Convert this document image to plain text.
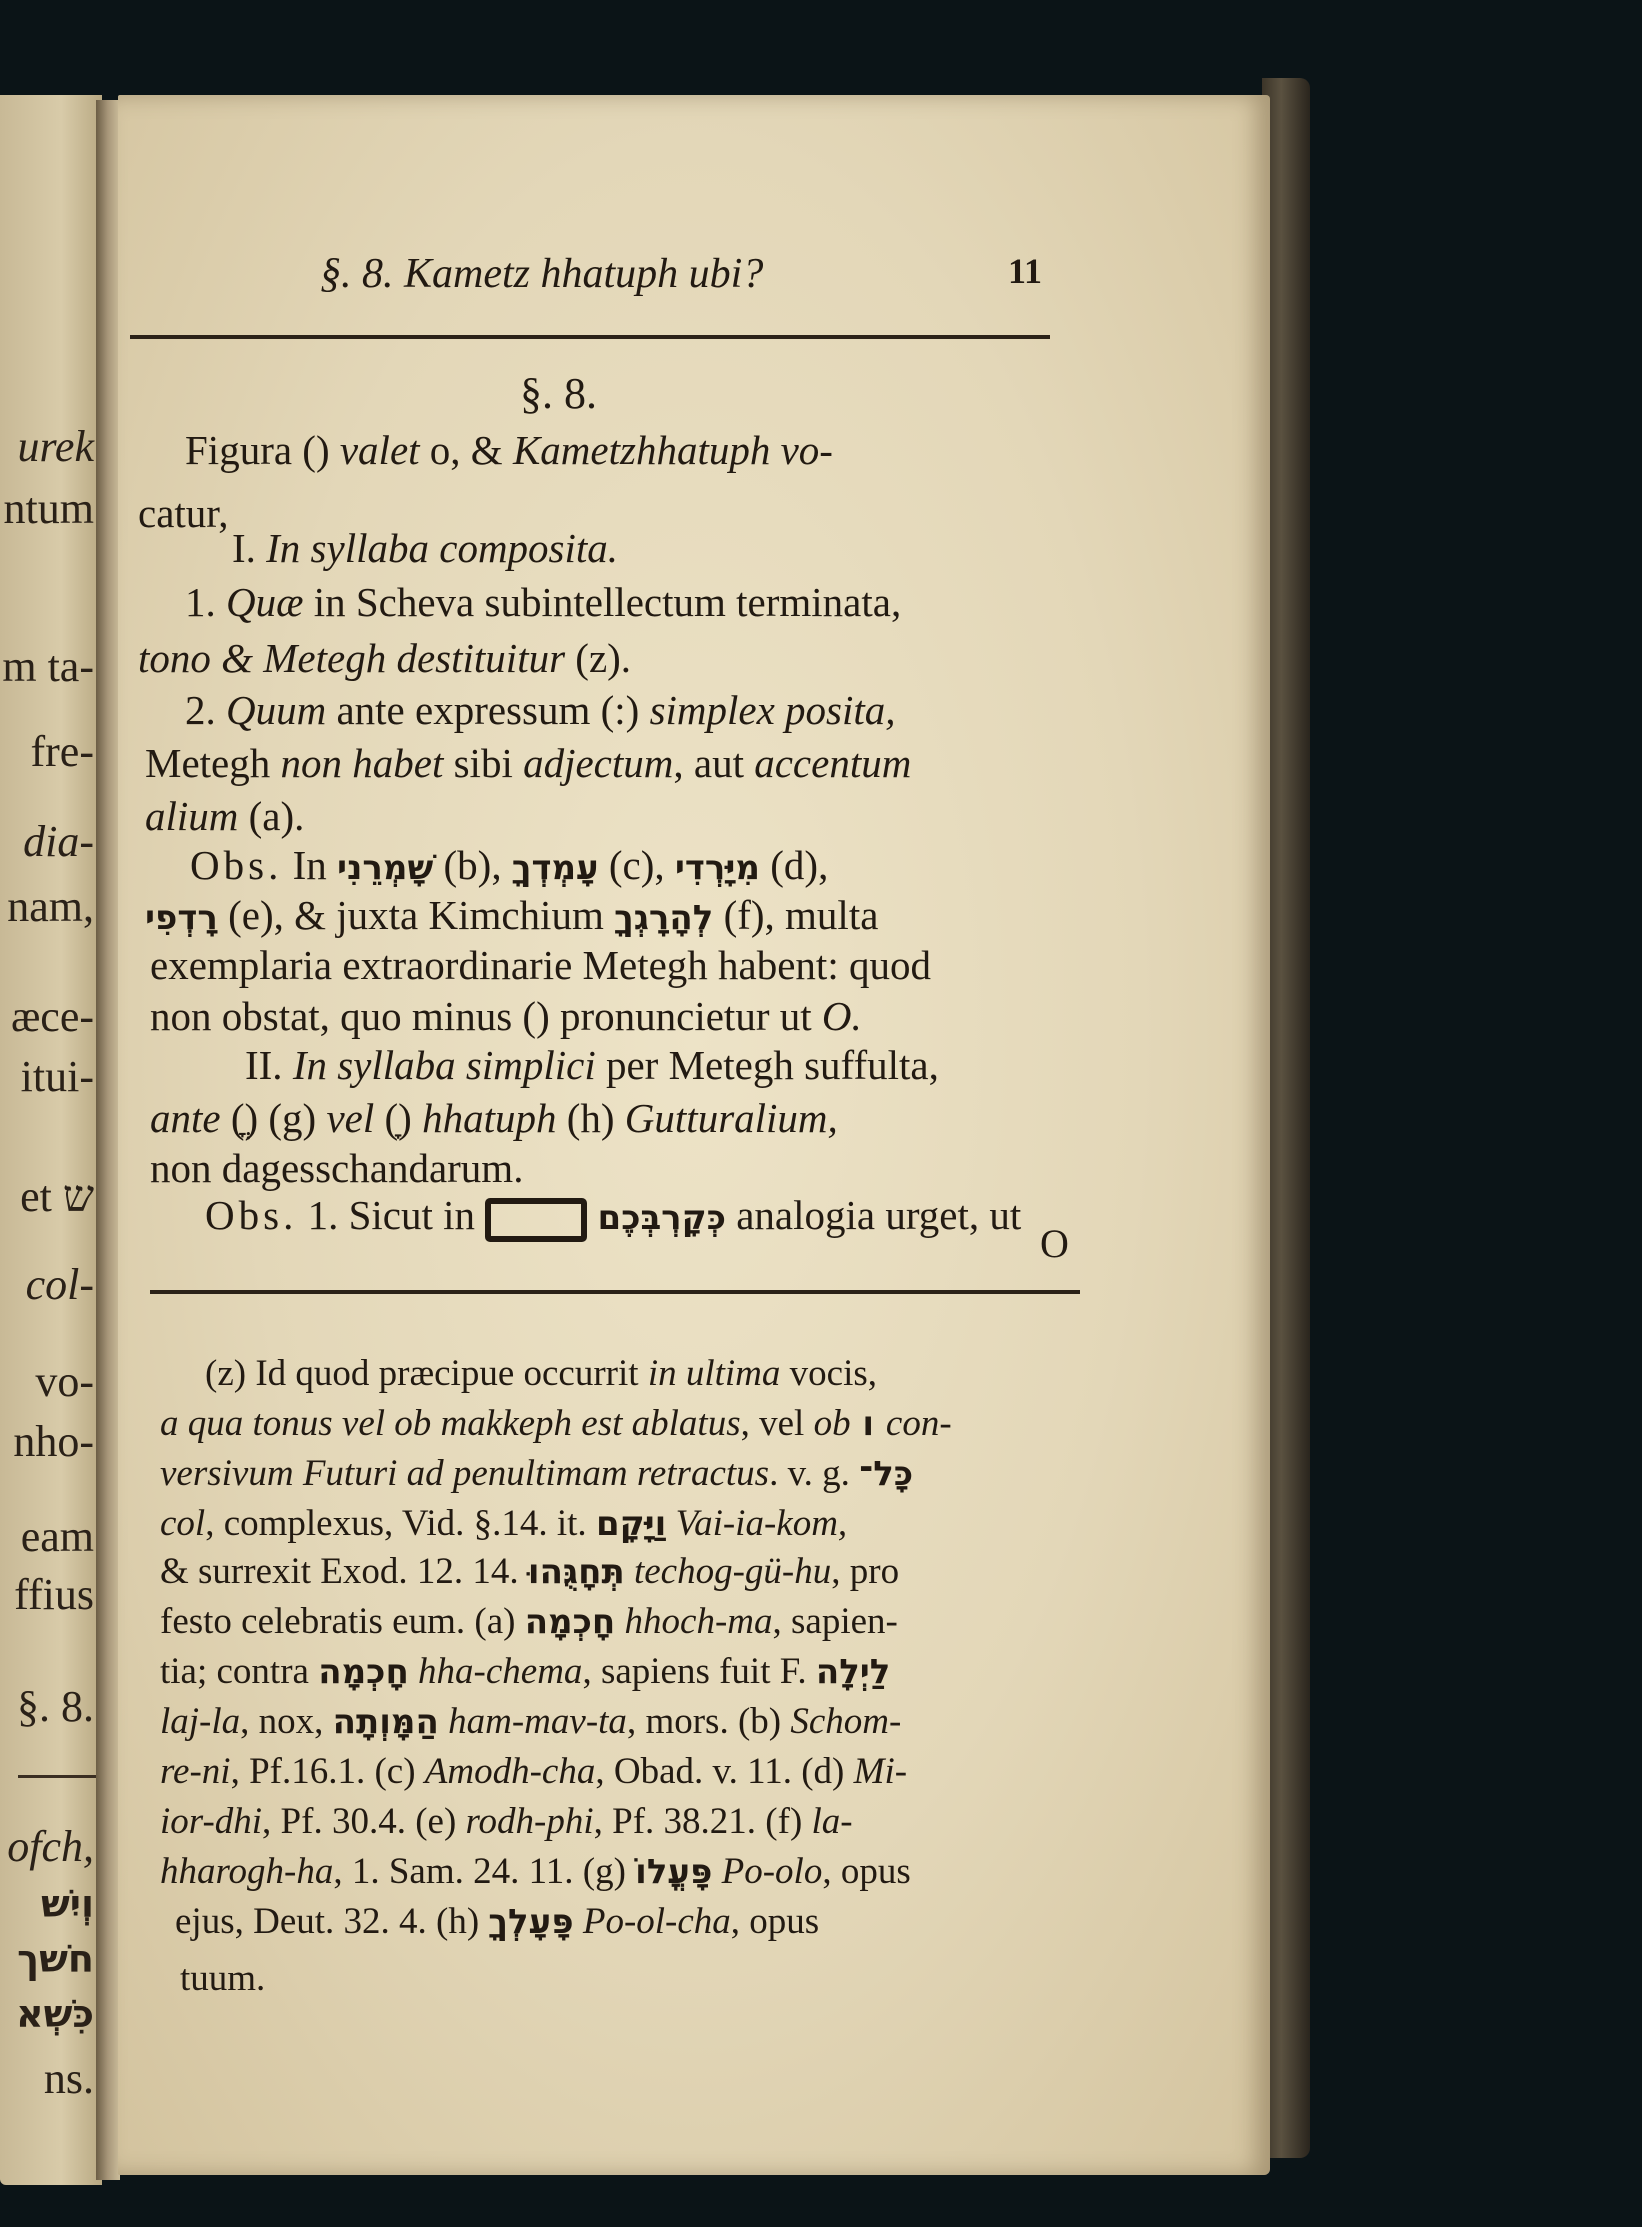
urek
ntum
m ta-
fre-
dia-
nam,
æce-
itui-
et ש
col-
vo-
nho-
eam
ffius
§. 8.
ofch,
וְיִשׁ
חשׁך
כִּשְׁא
ns.
§. 8. Kametz hhatuph ubi?	11
§. 8.
Figura () valet o, & Kametzhhatuph vo-
catur,
I. In syllaba composita.
1. Quæ in Scheva subintellectum terminata,
tono & Metegh destituitur (z).
2. Quum ante expressum (:) simplex posita,
Metegh non habet sibi adjectum, aut accentum
alium (a).
Obs. In שָׁמְרֵנִי (b), עָמְדְךָ (c), מִיָּרְדִי (d),
רָדְפִי (e), & juxta Kimchium לְהָרָגְךָ (f), multa
exemplaria extraordinarie Metegh habent: quod
non obstat, quo minus () pronuncietur ut O.
II. In syllaba simplici per Metegh suffulta,
ante (ֳ) (g) vel (ָ) hhatuph (h) Gutturalium,
non dagesschandarum.
Obs. 1. Sicut in	כְּקָרְבְּכֶם analogia urget, ut
O
(z) Id quod præcipue occurrit in ultima vocis,
a qua tonus vel ob makkeph est ablatus, vel ob ו con-
versivum Futuri ad penultimam retractus. v. g. כָּל־
col, complexus, Vid. §.14. it. וַיָּקָם Vai-ia-kom,
& surrexit Exod. 12. 14. תְּחָגֻּהוּ techog-gü-hu, pro
festo celebratis eum. (a) חָכְמָה hhoch-ma, sapien-
tia; contra חָכְמָה hha-chema, sapiens fuit F. לַיְלָה
laj-la, nox, הַמָּוְתָה ham-mav-ta, mors. (b) Schom-
re-ni, Pf.16.1. (c) Amodh-cha, Obad. v. 11. (d) Mi-
ior-dhi, Pf. 30.4. (e) rodh-phi, Pf. 38.21. (f) la-
hharogh-ha, 1. Sam. 24. 11. (g) פָּעֳלוֹ Po-olo, opus
ejus, Deut. 32. 4. (h) פָּעָלְךָ Po-ol-cha, opus
tuum.
